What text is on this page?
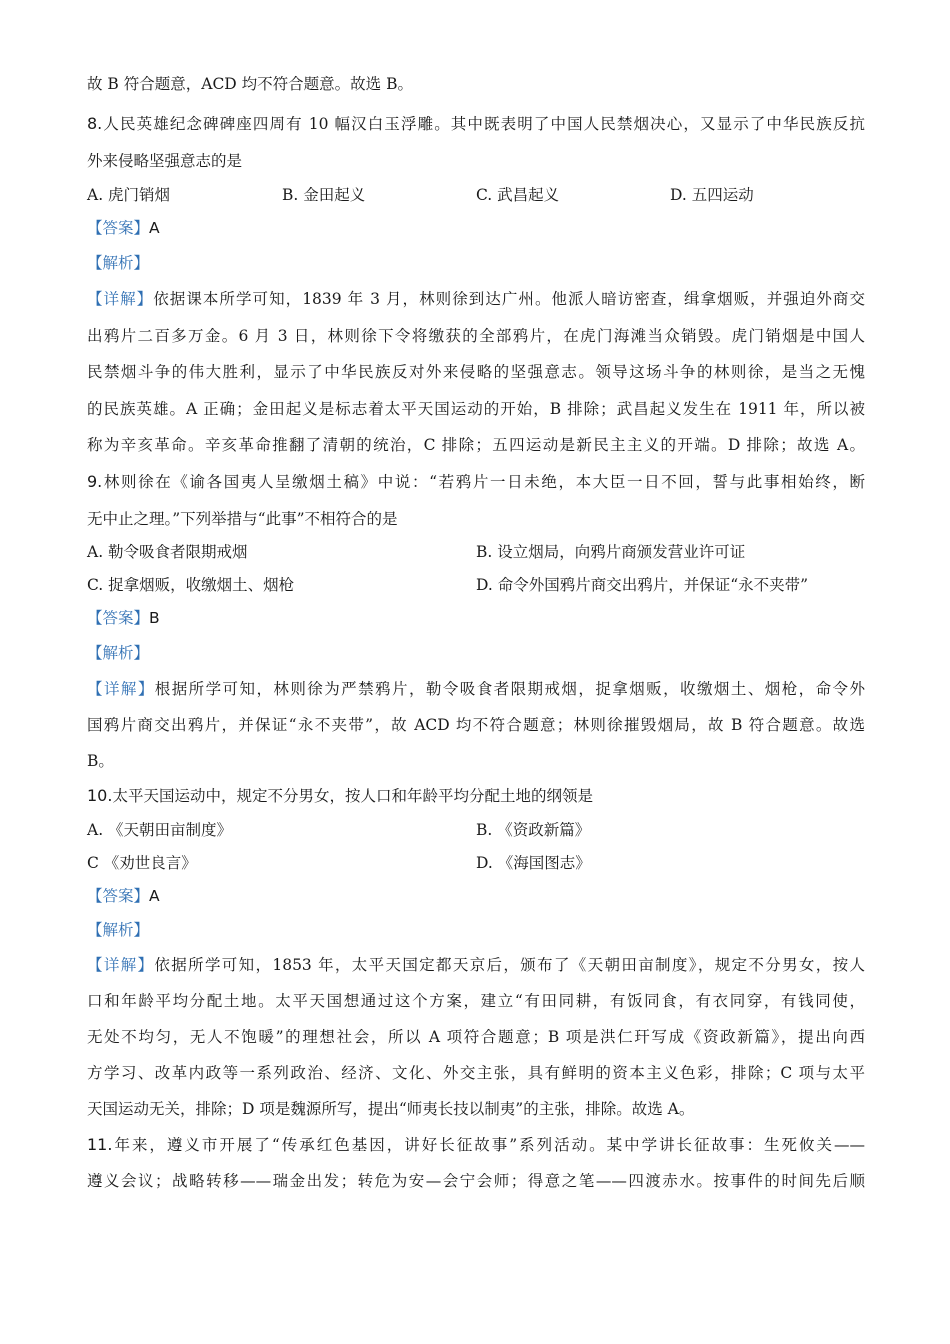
故 B 符合题意，ACD 均不符合题意。故选 B。
8.人民英雄纪念碑碑座四周有 10 幅汉白玉浮雕。其中既表明了中国人民禁烟决心，又显示了中华民族反抗
外来侵略坚强意志的是
A. 虎门销烟	B. 金田起义	C. 武昌起义	D. 五四运动
【答案】A
【解析】
【详解】依据课本所学可知，1839 年 3 月，林则徐到达广州。他派人暗访密查，缉拿烟贩，并强迫外商交
出鸦片二百多万金。6 月 3 日，林则徐下令将缴获的全部鸦片，在虎门海滩当众销毁。虎门销烟是中国人
民禁烟斗争的伟大胜利，显示了中华民族反对外来侵略的坚强意志。领导这场斗争的林则徐，是当之无愧
的民族英雄。A 正确；金田起义是标志着太平天国运动的开始，B 排除；武昌起义发生在 1911 年，所以被
称为辛亥革命。辛亥革命推翻了清朝的统治，C 排除；五四运动是新民主主义的开端。D 排除；故选 A。
9.林则徐在《谕各国夷人呈缴烟土稿》中说：“若鸦片一日未绝，本大臣一日不回，誓与此事相始终，断
无中止之理。”下列举措与“此事”不相符合的是
A. 勒令吸食者限期戒烟	B. 设立烟局，向鸦片商颁发营业许可证
C. 捉拿烟贩，收缴烟土、烟枪	D. 命令外国鸦片商交出鸦片，并保证“永不夹带”
【答案】B
【解析】
【详解】根据所学可知，林则徐为严禁鸦片，勒令吸食者限期戒烟，捉拿烟贩，收缴烟土、烟枪，命令外
国鸦片商交出鸦片，并保证“永不夹带”，故 ACD 均不符合题意；林则徐摧毁烟局，故 B 符合题意。故选
B。
10.太平天国运动中，规定不分男女，按人口和年龄平均分配土地的纲领是
A. 《天朝田亩制度》	B. 《资政新篇》
C 《劝世良言》	D. 《海国图志》
【答案】A
【解析】
【详解】依据所学可知，1853 年，太平天国定都天京后，颁布了《天朝田亩制度》，规定不分男女，按人
口和年龄平均分配土地。太平天国想通过这个方案，建立“有田同耕，有饭同食，有衣同穿，有钱同使，
无处不均匀，无人不饱暖”的理想社会，所以 A 项符合题意；B 项是洪仁玕写成《资政新篇》，提出向西
方学习、改革内政等一系列政治、经济、文化、外交主张，具有鲜明的资本主义色彩，排除；C 项与太平
天国运动无关，排除；D 项是魏源所写，提出“师夷长技以制夷”的主张，排除。故选 A。
11.年来，遵义市开展了“传承红色基因，讲好长征故事”系列活动。某中学讲长征故事：生死攸关——
遵义会议；战略转移——瑞金出发；转危为安—会宁会师；得意之笔——四渡赤水。按事件的时间先后顺
